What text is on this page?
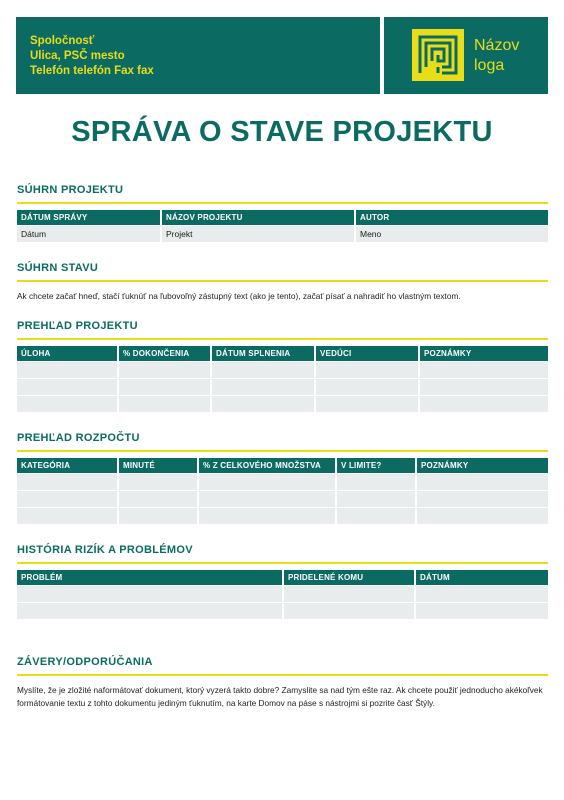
Spoločnosť
Ulica, PSČ mesto
Telefón telefón Fax fax
Názov
loga
SPRÁVA O STAVE PROJEKTU
SÚHRN PROJEKTU
DÁTUM SPRÁVY	NÁZOV PROJEKTU	AUTOR
Dátum	Projekt	Meno
SÚHRN STAVU
Ak chcete začať hneď, stačí ťuknúť na ľubovoľný zástupný text (ako je tento), začať písať a nahradiť ho vlastným textom.
PREHĽAD PROJEKTU
ÚLOHA	% DOKONČENIA	DÁTUM SPLNENIA	VEDÚCI	POZNÁMKY

PREHĽAD ROZPOČTU
KATEGÓRIA	MINUTÉ	% Z CELKOVÉHO MNOŽSTVA	V LIMITE?	POZNÁMKY

HISTÓRIA RIZÍK A PROBLÉMOV
PROBLÉM	PRIDELENÉ KOMU	DÁTUM

ZÁVERY/ODPORÚČANIA
Myslíte, že je zložité naformátovať dokument, ktorý vyzerá takto dobre? Zamyslite sa nad tým ešte raz. Ak chcete použiť jednoducho akékoľvek formátovanie textu z tohto dokumentu jediným ťuknutím, na karte Domov na páse s nástrojmi si pozrite časť Štýly.
